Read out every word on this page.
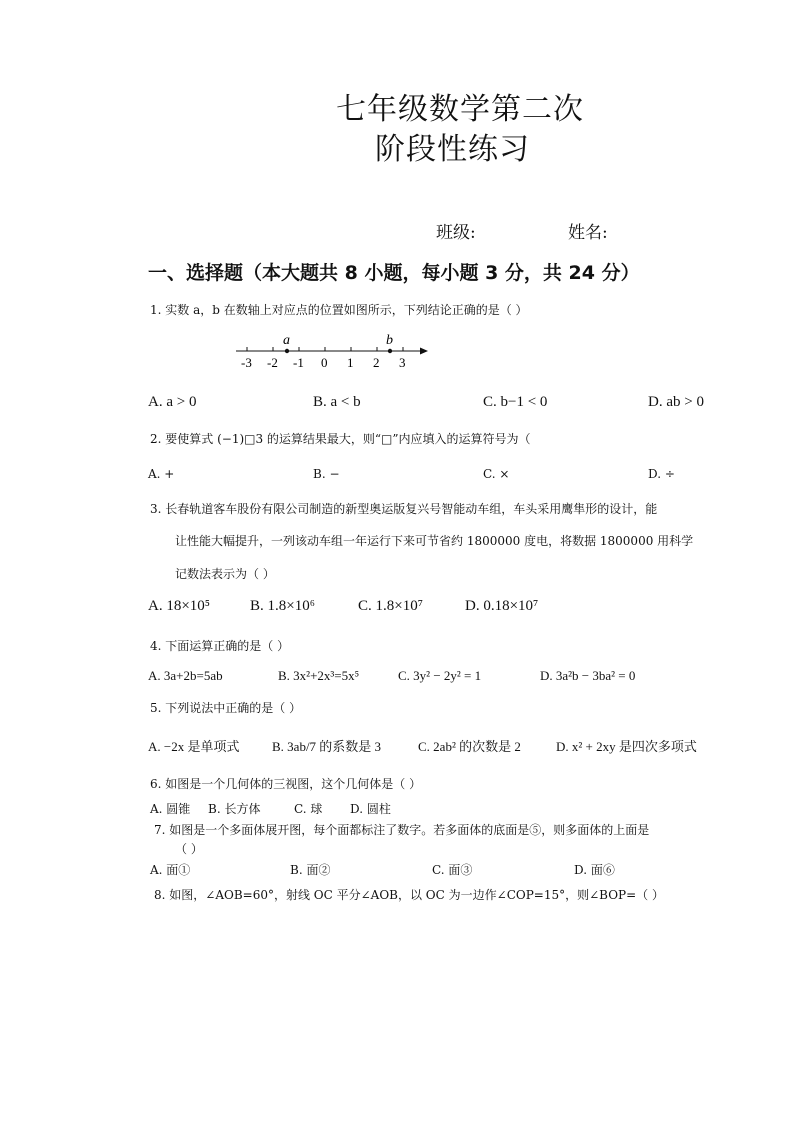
七年级数学第二次
阶段性练习
班级:	姓名:
一、选择题（本大题共 8 小题，每小题 3 分，共 24 分）
1. 实数 a，b 在数轴上对应点的位置如图所示，下列结论正确的是（ ）
a	b
-3 -2 -1 0 1 2 3
A. a > 0	B. a < b	C. b−1 < 0	D. ab > 0
2. 要使算式 (−1)□3 的运算结果最大，则“□”内应填入的运算符号为（
A. +	B. −	C. ×	D. ÷
3. 长春轨道客车股份有限公司制造的新型奥运版复兴号智能动车组，车头采用鹰隼形的设计，能
让性能大幅提升，一列该动车组一年运行下来可节省约 1800000 度电，将数据 1800000 用科学
记数法表示为（ ）
A. 18×10⁵	B. 1.8×10⁶	C. 1.8×10⁷	D. 0.18×10⁷
4. 下面运算正确的是（ ）
A. 3a+2b=5ab	B. 3x²+2x³=5x⁵	C. 3y² − 2y² = 1	D. 3a²b − 3ba² = 0
5. 下列说法中正确的是（ ）
A. −2x 是单项式	B. 3ab/7 的系数是 3	C. 2ab² 的次数是 2	D. x² + 2xy 是四次多项式
6. 如图是一个几何体的三视图，这个几何体是（ ）
A. 圆锥 B. 长方体	C. 球 D. 圆柱
7. 如图是一个多面体展开图，每个面都标注了数字。若多面体的底面是⑤，则多面体的上面是
（ ）
A. 面①	B. 面②	C. 面③	D. 面⑥
8. 如图，∠AOB=60°，射线 OC 平分∠AOB，以 OC 为一边作∠COP=15°，则∠BOP=（ ）
